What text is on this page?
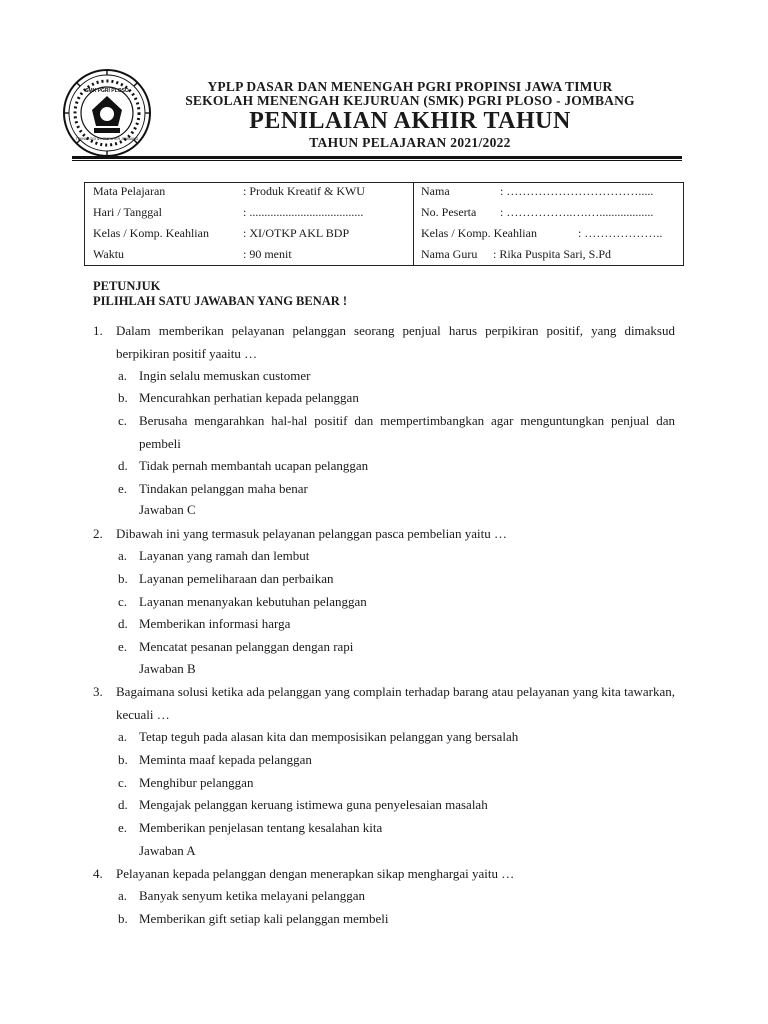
SMK PGRI PLOSO
TEKNOLOGI & KOMPUTER JOMBANG
YPLP DASAR DAN MENENGAH PGRI PROPINSI JAWA TIMUR
SEKOLAH MENENGAH KEJURUAN (SMK) PGRI PLOSO - JOMBANG
PENILAIAN AKHIR TAHUN
TAHUN PELAJARAN 2021/2022
Mata Pelajaran	: Produk Kreatif & KWU
Hari / Tanggal	: ......................................
Kelas / Komp. Keahlian	: XI/OTKP AKL BDP
Waktu	: 90 menit
Nama	: …………………………….....
No. Peserta : ……………..….…..................
Kelas / Komp. Keahlian	: ………………..
Nama Guru : Rika Puspita Sari, S.Pd
PETUNJUK
PILIHLAH SATU JAWABAN YANG BENAR !
1. Dalam memberikan pelayanan pelanggan seorang penjual harus perpikiran positif, yang dimaksud berpikiran positif yaaitu …
a. Ingin selalu memuskan customer
b. Mencurahkan perhatian kepada pelanggan
c. Berusaha mengarahkan hal-hal positif dan mempertimbangkan agar menguntungkan penjual dan pembeli
d. Tidak pernah membantah ucapan pelanggan
e. Tindakan pelanggan maha benar
Jawaban C
2. Dibawah ini yang termasuk pelayanan pelanggan pasca pembelian yaitu …
a. Layanan yang ramah dan lembut
b. Layanan pemeliharaan dan perbaikan
c. Layanan menanyakan kebutuhan pelanggan
d. Memberikan informasi harga
e. Mencatat pesanan pelanggan dengan rapi
Jawaban B
3. Bagaimana solusi ketika ada pelanggan yang complain terhadap barang atau pelayanan yang kita tawarkan, kecuali …
a. Tetap teguh pada alasan kita dan memposisikan pelanggan yang bersalah
b. Meminta maaf kepada pelanggan
c. Menghibur pelanggan
d. Mengajak pelanggan keruang istimewa guna penyelesaian masalah
e. Memberikan penjelasan tentang kesalahan kita
Jawaban A
4. Pelayanan kepada pelanggan dengan menerapkan sikap menghargai yaitu …
a. Banyak senyum ketika melayani pelanggan
b. Memberikan gift setiap kali pelanggan membeli
